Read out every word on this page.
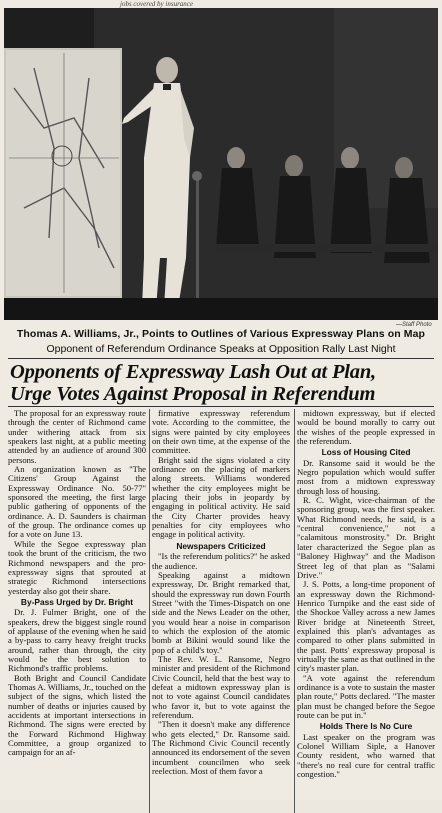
jobs covered by insurance
—Staff Photo
Thomas A. Williams, Jr., Points to Outlines of Various Expressway Plans on Map
Opponent of Referendum Ordinance Speaks at Opposition Rally Last Night
Opponents of Expressway Lash Out at Plan,
Urge Votes Against Proposal in Referendum

The proposal for an expressway route through the center of Richmond came under withering attack from six speakers last night, at a public meeting attended by an audience of around 300 persons.

An organization known as "The Citizens' Group Against the Expressway Ordinance No. 50-77" sponsored the meeting, the first large public gathering of opponents of the ordinance. A. D. Saunders is chairman of the group. The ordinance comes up for a vote on June 13.

While the Segoe expressway plan took the brunt of the criticism, the two Richmond newspapers and the pro-expressway signs that sprouted at strategic Richmond intersections yesterday also got their share.

By-Pass Urged by Dr. Bright

Dr. J. Fulmer Bright, one of the speakers, drew the biggest single round of applause of the evening when he said a by-pass to carry heavy freight trucks around, rather than through, the city would be the best solution to Richmond's traffic problems.

Both Bright and Council Candidate Thomas A. Williams, Jr., touched on the subject of the signs, which listed the number of deaths or injuries caused by accidents at important intersections in Richmond. The signs were erected by the Forward Richmond Highway Committee, a group organized to campaign for an af-

firmative expressway referendum vote. According to the committee, the signs were painted by city employees on their own time, at the expense of the committee.

Bright said the signs violated a city ordinance on the placing of markers along streets. Williams wondered whether the city employees might be placing their jobs in jeopardy by engaging in political activity. He said the City Charter provides heavy penalties for city employees who engage in political activity.

Newspapers Criticized

"Is the referendum politics?" he asked the audience.

Speaking against a midtown expressway, Dr. Bright remarked that, should the expressway run down Fourth Street "with the Times-Dispatch on one side and the News Leader on the other, you would hear a noise in comparison to which the explosion of the atomic bomb at Bikini would sound like the pop of a child's toy."

The Rev. W. L. Ransome, Negro minister and president of the Richmond Civic Council, held that the best way to defeat a midtown expressway plan is not to vote against Council candidates who favor it, but to vote against the referendum.

"Then it doesn't make any difference who gets elected," Dr. Ransome said. The Richmond Civic Council recently announced its endorsement of the seven incumbent councilmen who seek reelection. Most of them favor a

midtown expressway, but if elected would be bound morally to carry out the wishes of the people expressed in the referendum.

Loss of Housing Cited

Dr. Ransome said it would be the Negro population which would suffer most from a midtown expressway through loss of housing.

R. C. Wight, vice-chairman of the sponsoring group, was the first speaker. What Richmond needs, he said, is a "central convenience," not a "calamitous monstrosity." Dr. Bright later characterized the Segoe plan as "Baloney Highway" and the Madison Street leg of that plan as "Salami Drive."

J. S. Potts, a long-time proponent of an expressway down the Richmond-Henrico Turnpike and the east side of the Shockoe Valley across a new James River bridge at Nineteenth Street, explained this plan's advantages as compared to other plans submitted in the past. Potts' expressway proposal is virtually the same as that outlined in the city's master plan.

"A vote against the referendum ordinance is a vote to sustain the master plan route," Potts declared. "The master plan must be changed before the Segoe route can be put in."

Holds There Is No Cure

Last speaker on the program was Colonel William Siple, a Hanover County resident, who warned that "there's no real cure for central traffic congestion."
